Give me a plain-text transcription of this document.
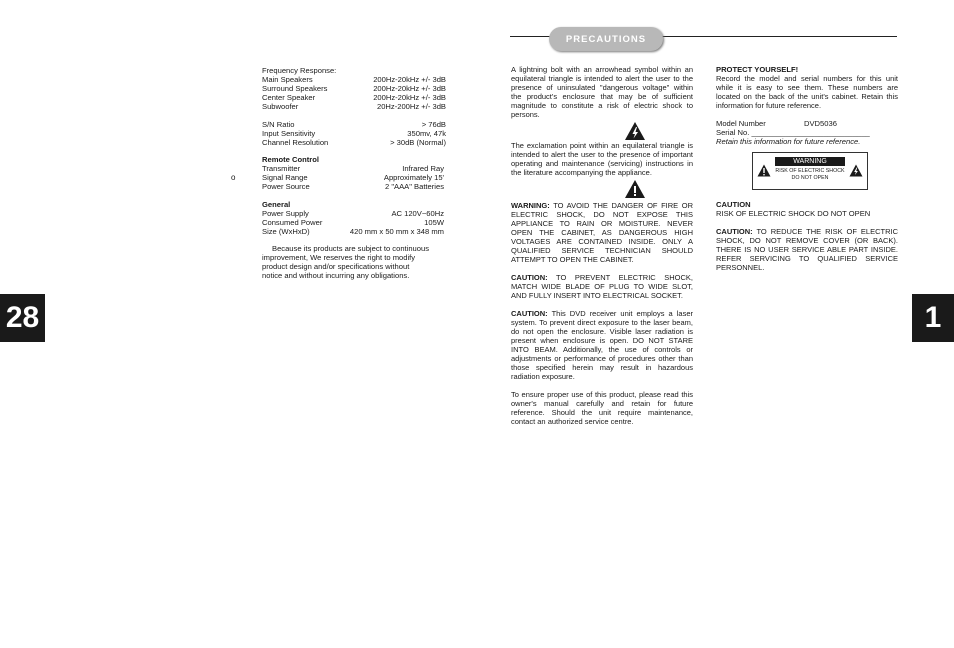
28	1
o
Frequency Response:
Main Speakers	200Hz-20kHz +/- 3dB
Surround Speakers	200Hz-20kHz +/- 3dB
Center Speaker	200Hz-20kHz +/- 3dB
Subwoofer	20Hz-200Hz +/- 3dB
S/N Ratio	> 76dB
Input Sensitivity	350mv, 47k
Channel Resolution	> 30dB (Normal)
Remote Control
Transmitter	Infrared Ray
Signal Range	Approximately 15'
Power Source	2 "AAA" Batteries
General
Power Supply	AC 120V~60Hz
Consumed Power	105W
Size (WxHxD)	420 mm x 50 mm x 348 mm
Because its products are subject to continuous
improvement, We reserves the right to modify
product design and/or specifications without
notice and without incurring any obligations.
PRECAUTIONS
A lightning bolt with an arrowhead symbol within an equilateral triangle is intended to alert the user to the presence of uninsulated "dangerous voltage" within the product's enclosure that may be of sufficient magnitude to constitute a risk of electric shock to persons.
The exclamation point within an equilateral triangle is intended to alert the user to the presence of important operating and maintenance (servicing) instructions in the literature accompanying the appliance.
WARNING: TO AVOID THE DANGER OF FIRE OR ELECTRIC SHOCK, DO NOT EXPOSE THIS APPLIANCE TO RAIN OR MOISTURE. NEVER OPEN THE CABINET, AS DANGEROUS HIGH VOLTAGES ARE CONTAINED INSIDE. ONLY A QUALIFIED SERVICE TECHNICIAN SHOULD ATTEMPT TO OPEN THE CABINET.
CAUTION: TO PREVENT ELECTRIC SHOCK, MATCH WIDE BLADE OF PLUG TO WIDE SLOT, AND FULLY INSERT INTO ELECTRICAL SOCKET.
CAUTION: This DVD receiver unit employs a laser system. To prevent direct exposure to the laser beam, do not open the enclosure. Visible laser radiation is present when enclosure is open. DO NOT STARE INTO BEAM. Additionally, the use of controls or adjustments or performance of procedures other than those specified herein may result in hazardous radiation exposure.
To ensure proper use of this product, please read this owner's manual carefully and retain for future reference. Should the unit require maintenance, contact an authorized service centre.
PROTECT YOURSELF!
Record the model and serial numbers for this unit while it is easy to see them. These numbers are located on the back of the unit's cabinet. Retain this information for future reference.
Model Number	DVD5036
Serial No. ____________________________
Retain this information for future reference.
WARNING
RISK OF ELECTRIC SHOCK
DO NOT OPEN
CAUTION
RISK OF ELECTRIC SHOCK DO NOT OPEN
CAUTION: TO REDUCE THE RISK OF ELECTRIC SHOCK, DO NOT REMOVE COVER (OR BACK). THERE IS NO USER SERVICE ABLE PART INSIDE. REFER SERVICING TO QUALIFIED SERVICE PERSONNEL.
